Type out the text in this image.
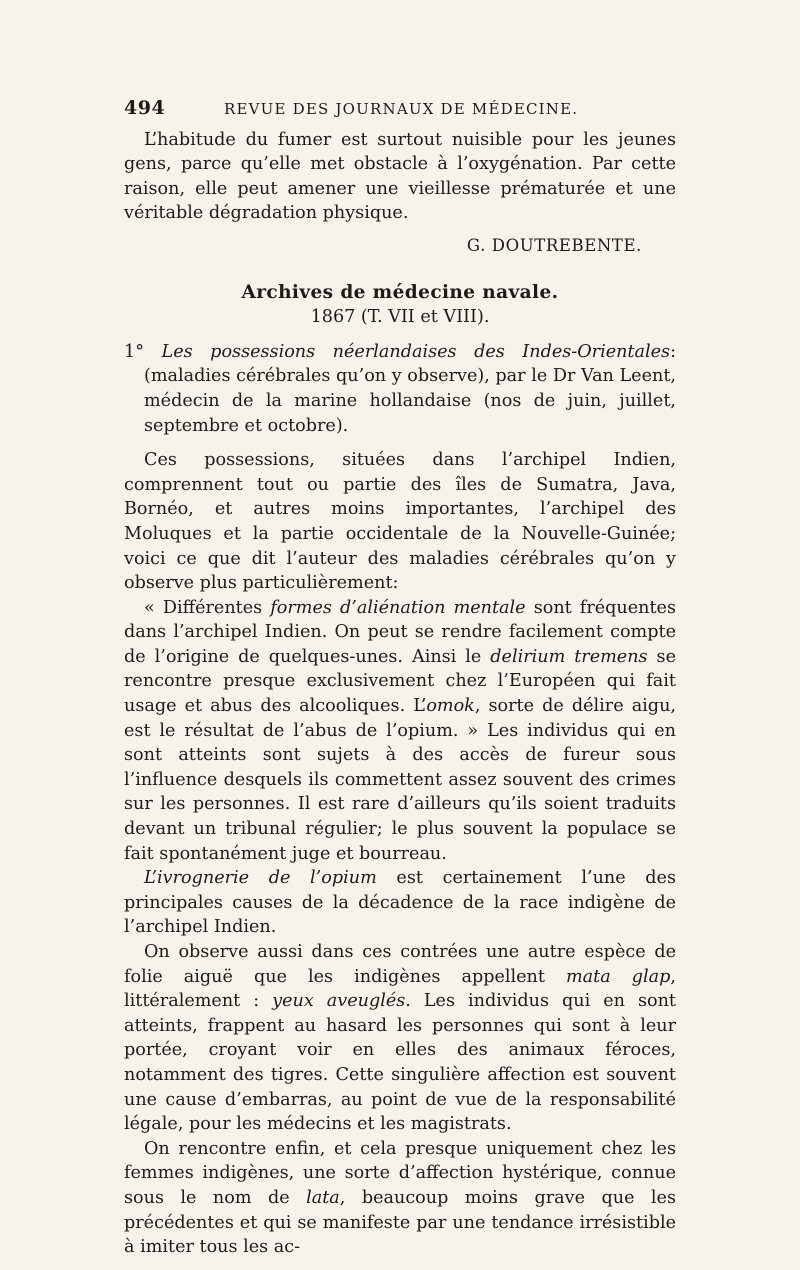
494	REVUE DES JOURNAUX DE MÉDECINE.

L’habitude du fumer est surtout nuisible pour les jeunes gens, parce qu’elle met obstacle à l’oxygénation. Par cette raison, elle peut amener une vieillesse prématurée et une véritable dégradation physique.

G. DOUTREBENTE.
Archives de médecine navale.
1867 (T. VII et VIII).

1° Les possessions néerlandaises des Indes-Orientales: (maladies cérébrales qu’on y observe), par le Dr Van Leent, médecin de la marine hollandaise (nos de juin, juillet, septembre et octobre).

Ces possessions, situées dans l’archipel Indien, comprennent tout ou partie des îles de Sumatra, Java, Bornéo, et autres moins importantes, l’archipel des Moluques et la partie occidentale de la Nouvelle-Guinée; voici ce que dit l’auteur des maladies cérébrales qu’on y observe plus particulièrement:

« Différentes formes d’aliénation mentale sont fréquentes dans l’archipel Indien. On peut se rendre facilement compte de l’origine de quelques-unes. Ainsi le delirium tremens se rencontre presque exclusivement chez l’Européen qui fait usage et abus des alcooliques. L’omok, sorte de délire aigu, est le résultat de l’abus de l’opium. » Les individus qui en sont atteints sont sujets à des accès de fureur sous l’influence desquels ils commettent assez souvent des crimes sur les personnes. Il est rare d’ailleurs qu’ils soient traduits devant un tribunal régulier; le plus souvent la populace se fait spontanément juge et bourreau.

L’ivrognerie de l’opium est certainement l’une des principales causes de la décadence de la race indigène de l’archipel Indien.

On observe aussi dans ces contrées une autre espèce de folie aiguë que les indigènes appellent mata glap, littéralement : yeux aveuglés. Les individus qui en sont atteints, frappent au hasard les personnes qui sont à leur portée, croyant voir en elles des animaux féroces, notamment des tigres. Cette singulière affection est souvent une cause d’embarras, au point de vue de la responsabilité légale, pour les médecins et les magistrats.

On rencontre enfin, et cela presque uniquement chez les femmes indigènes, une sorte d’affection hystérique, connue sous le nom de lata, beaucoup moins grave que les précédentes et qui se manifeste par une tendance irrésistible à imiter tous les ac-
